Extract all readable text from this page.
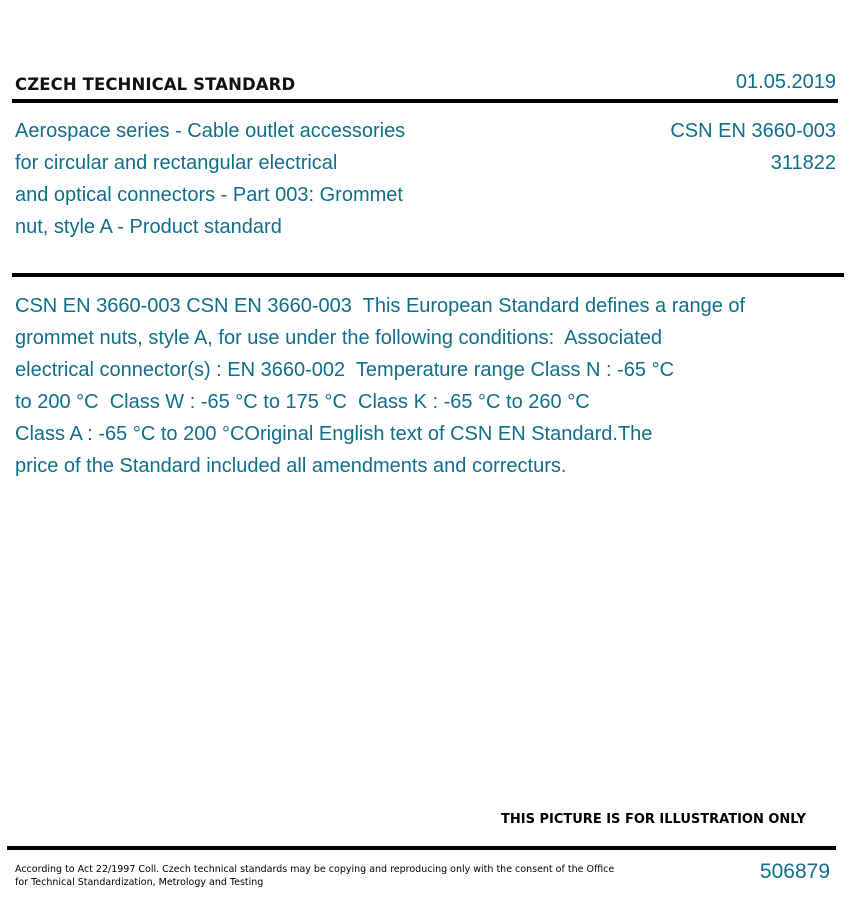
CZECH TECHNICAL STANDARD	01.05.2019
Aerospace series - Cable outlet accessories
for circular and rectangular electrical
and optical connectors - Part 003: Grommet
nut, style A - Product standard
CSN EN 3660-003
311822
CSN EN 3660-003 CSN EN 3660-003  This European Standard defines a range of
grommet nuts, style A, for use under the following conditions:  Associated
electrical connector(s) : EN 3660-002  Temperature range Class N : -65 °C
to 200 °C  Class W : -65 °C to 175 °C  Class K : -65 °C to 260 °C
Class A : -65 °C to 200 °COriginal English text of CSN EN Standard.The
price of the Standard included all amendments and correcturs.
THIS PICTURE IS FOR ILLUSTRATION ONLY
According to Act 22/1997 Coll. Czech technical standards may be copying and reproducing only with the consent of the Office
for Technical Standardization, Metrology and Testing	506879
